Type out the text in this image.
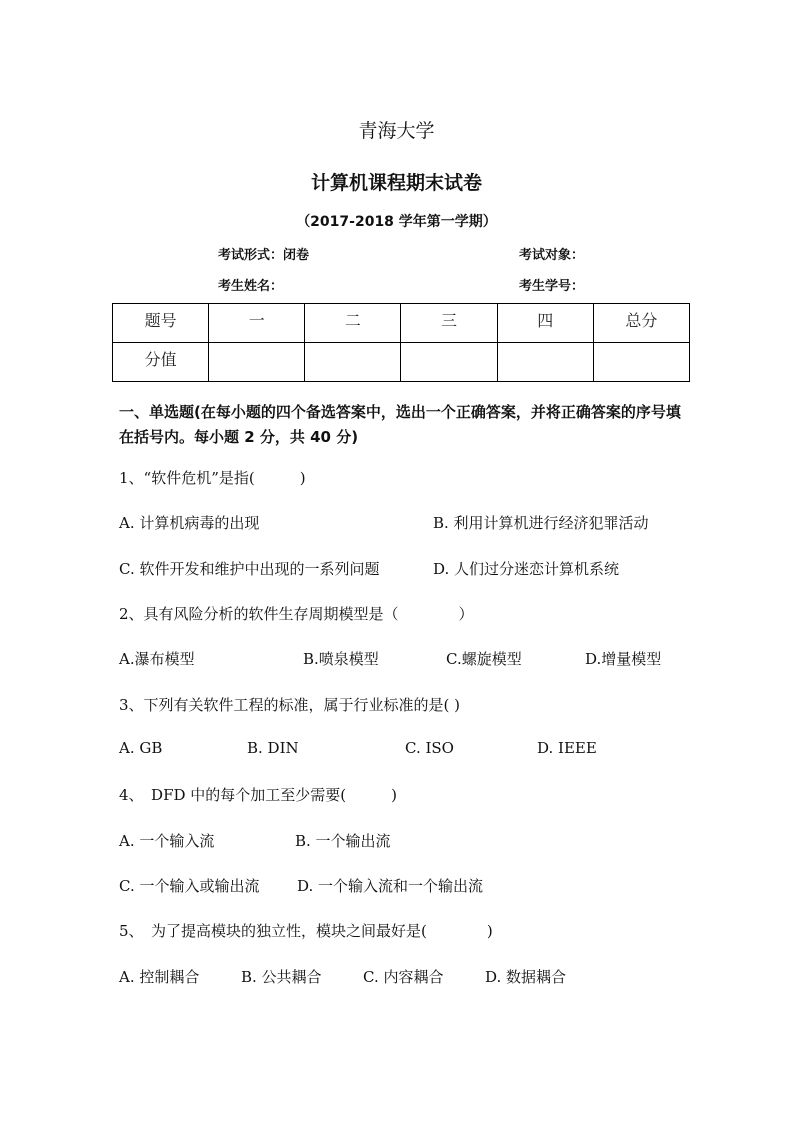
青海大学
计算机课程期末试卷
（2017-2018 学年第一学期）
考试形式：闭卷	考试对象：
考生姓名：	考生学号：
题号	一	二	三	四	总分
分值					
一、单选题(在每小题的四个备选答案中，选出一个正确答案，并将正确答案的序号填在括号内。每小题 2 分，共 40 分)
1、“软件危机”是指(　　　)
A. 计算机病毒的出现	B. 利用计算机进行经济犯罪活动
C. 软件开发和维护中出现的一系列问题	D. 人们过分迷恋计算机系统
2、具有风险分析的软件生存周期模型是（　　　　）
A.瀑布模型	B.喷泉模型	C.螺旋模型	D.增量模型
3、下列有关软件工程的标准，属于行业标准的是( )
A. GB	B. DIN	C. ISO	D. IEEE
4、　DFD 中的每个加工至少需要(　　　)
A. 一个输入流	B. 一个输出流
C. 一个输入或输出流	D. 一个输入流和一个输出流
5、　为了提高模块的独立性，模块之间最好是(　　　　)
A. 控制耦合	B. 公共耦合	C. 内容耦合	D. 数据耦合
